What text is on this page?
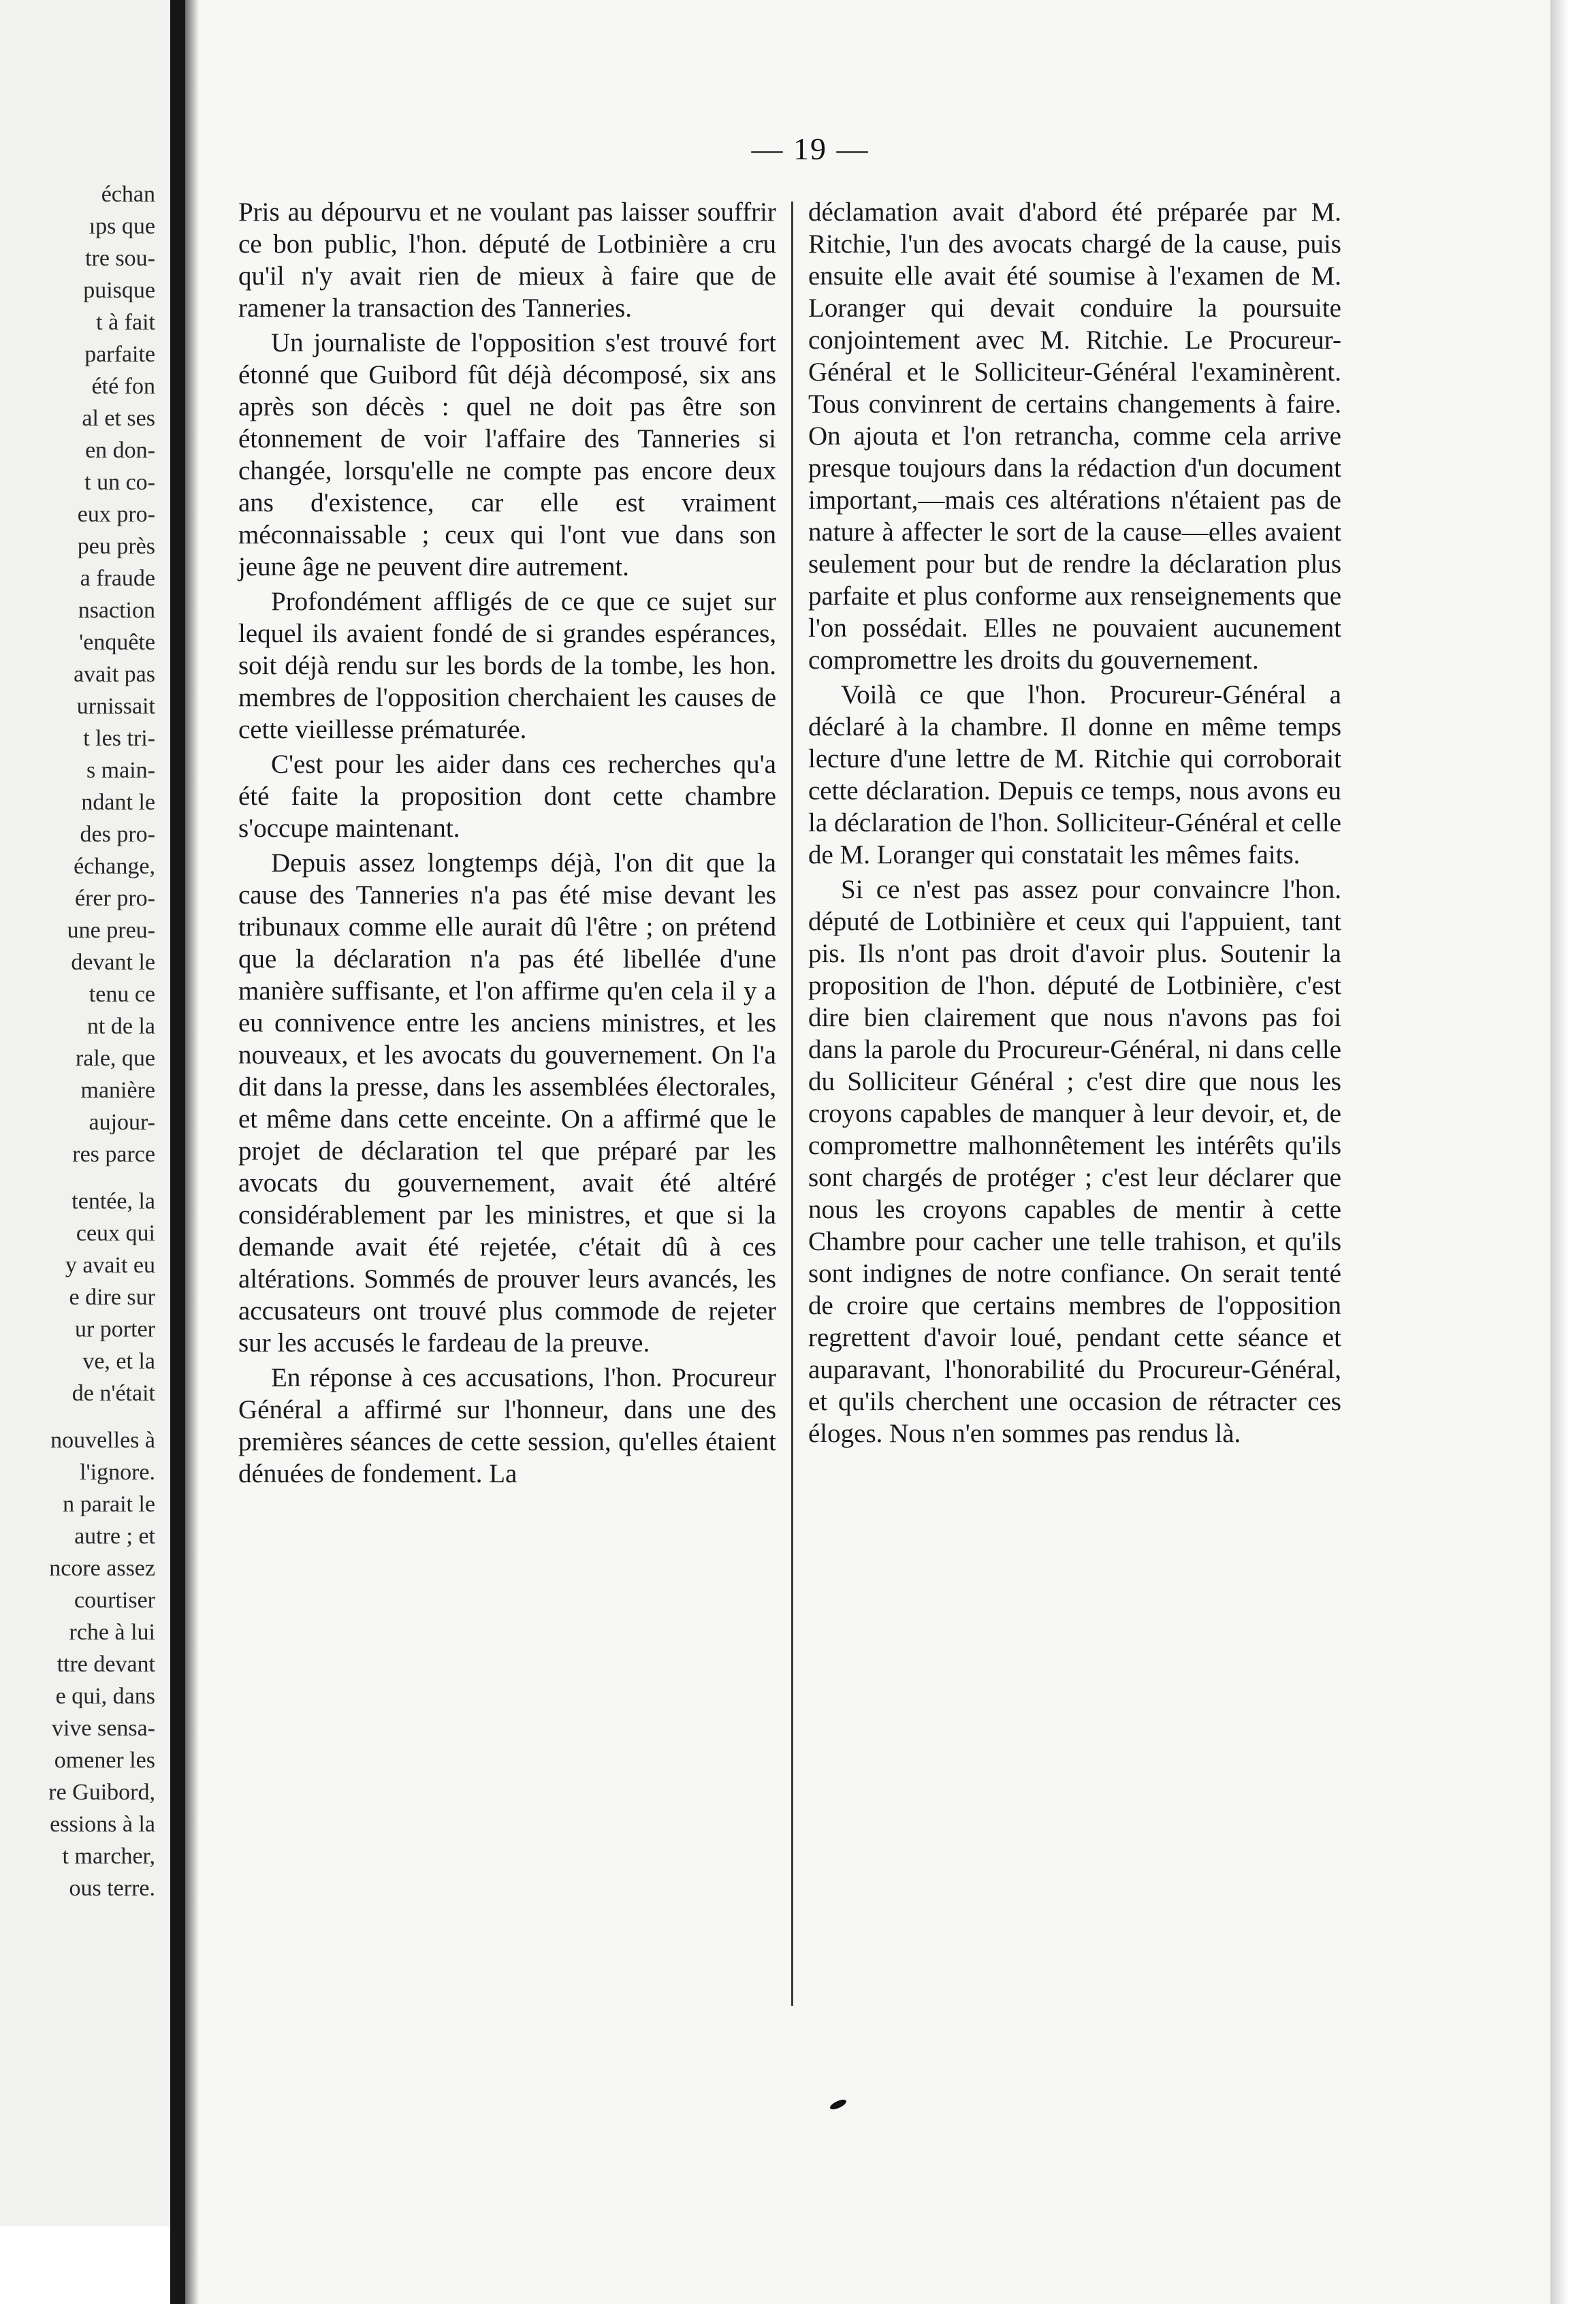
échan
ıps que
tre sou-
puisque
t à fait
parfaite
été fon
al et ses
en don-
t un co-
eux pro-
peu près
a fraude
nsaction
'enquête
avait pas
urnissait
t les tri-
s main-
ndant le
des pro-
échange,
érer pro-
une preu-
devant le
tenu ce
nt de la
rale, que
manière
aujour-
res parce
tentée, la
ceux qui
y avait eu
e dire sur
ur porter
ve, et la
de n'était
nouvelles à
l'ignore.
n parait le
autre ; et
ncore assez
courtiser
rche à lui
ttre devant
e qui, dans
vive sensa-
omener les
re Guibord,
essions à la
t marcher,
ous terre.
— 19 —

Pris au dépourvu et ne voulant pas laisser souffrir ce bon public, l'hon. député de Lotbinière a cru qu'il n'y avait rien de mieux à faire que de ramener la transaction des Tanneries.

Un journaliste de l'opposition s'est trouvé fort étonné que Guibord fût déjà décomposé, six ans après son décès : quel ne doit pas être son étonnement de voir l'affaire des Tanneries si changée, lorsqu'elle ne compte pas encore deux ans d'existence, car elle est vraiment méconnaissable ; ceux qui l'ont vue dans son jeune âge ne peuvent dire autrement.

Profondément affligés de ce que ce sujet sur lequel ils avaient fondé de si grandes espérances, soit déjà rendu sur les bords de la tombe, les hon. membres de l'opposition cherchaient les causes de cette vieillesse prématurée.

C'est pour les aider dans ces recherches qu'a été faite la proposition dont cette chambre s'occupe maintenant.

Depuis assez longtemps déjà, l'on dit que la cause des Tanneries n'a pas été mise devant les tribunaux comme elle aurait dû l'être ; on prétend que la déclaration n'a pas été libellée d'une manière suffisante, et l'on affirme qu'en cela il y a eu connivence entre les anciens ministres, et les nouveaux, et les avocats du gouvernement. On l'a dit dans la presse, dans les assemblées électorales, et même dans cette enceinte. On a affirmé que le projet de déclaration tel que préparé par les avocats du gouvernement, avait été altéré considérablement par les ministres, et que si la demande avait été rejetée, c'était dû à ces altérations. Sommés de prouver leurs avancés, les accusateurs ont trouvé plus commode de rejeter sur les accusés le fardeau de la preuve.

En réponse à ces accusations, l'hon. Procureur Général a affirmé sur l'honneur, dans une des premières séances de cette session, qu'elles étaient dénuées de fondement. La

déclamation avait d'abord été préparée par M. Ritchie, l'un des avocats chargé de la cause, puis ensuite elle avait été soumise à l'examen de M. Loranger qui devait conduire la poursuite conjointement avec M. Ritchie. Le Procureur-Général et le Solliciteur-Général l'examinèrent. Tous convinrent de certains changements à faire. On ajouta et l'on retrancha, comme cela arrive presque toujours dans la rédaction d'un document important,—mais ces altérations n'étaient pas de nature à affecter le sort de la cause—elles avaient seulement pour but de rendre la déclaration plus parfaite et plus conforme aux renseignements que l'on possédait. Elles ne pouvaient aucunement compromettre les droits du gouvernement.

Voilà ce que l'hon. Procureur-Général a déclaré à la chambre. Il donne en même temps lecture d'une lettre de M. Ritchie qui corroborait cette déclaration. Depuis ce temps, nous avons eu la déclaration de l'hon. Solliciteur-Général et celle de M. Loranger qui constatait les mêmes faits.

Si ce n'est pas assez pour convaincre l'hon. député de Lotbinière et ceux qui l'appuient, tant pis. Ils n'ont pas droit d'avoir plus. Soutenir la proposition de l'hon. député de Lotbinière, c'est dire bien clairement que nous n'avons pas foi dans la parole du Procureur-Général, ni dans celle du Solliciteur Général ; c'est dire que nous les croyons capables de manquer à leur devoir, et, de compromettre malhonnêtement les intérêts qu'ils sont chargés de protéger ; c'est leur déclarer que nous les croyons capables de mentir à cette Chambre pour cacher une telle trahison, et qu'ils sont indignes de notre confiance. On serait tenté de croire que certains membres de l'opposition regrettent d'avoir loué, pendant cette séance et auparavant, l'honorabilité du Procureur-Général, et qu'ils cherchent une occasion de rétracter ces éloges. Nous n'en sommes pas rendus là.
